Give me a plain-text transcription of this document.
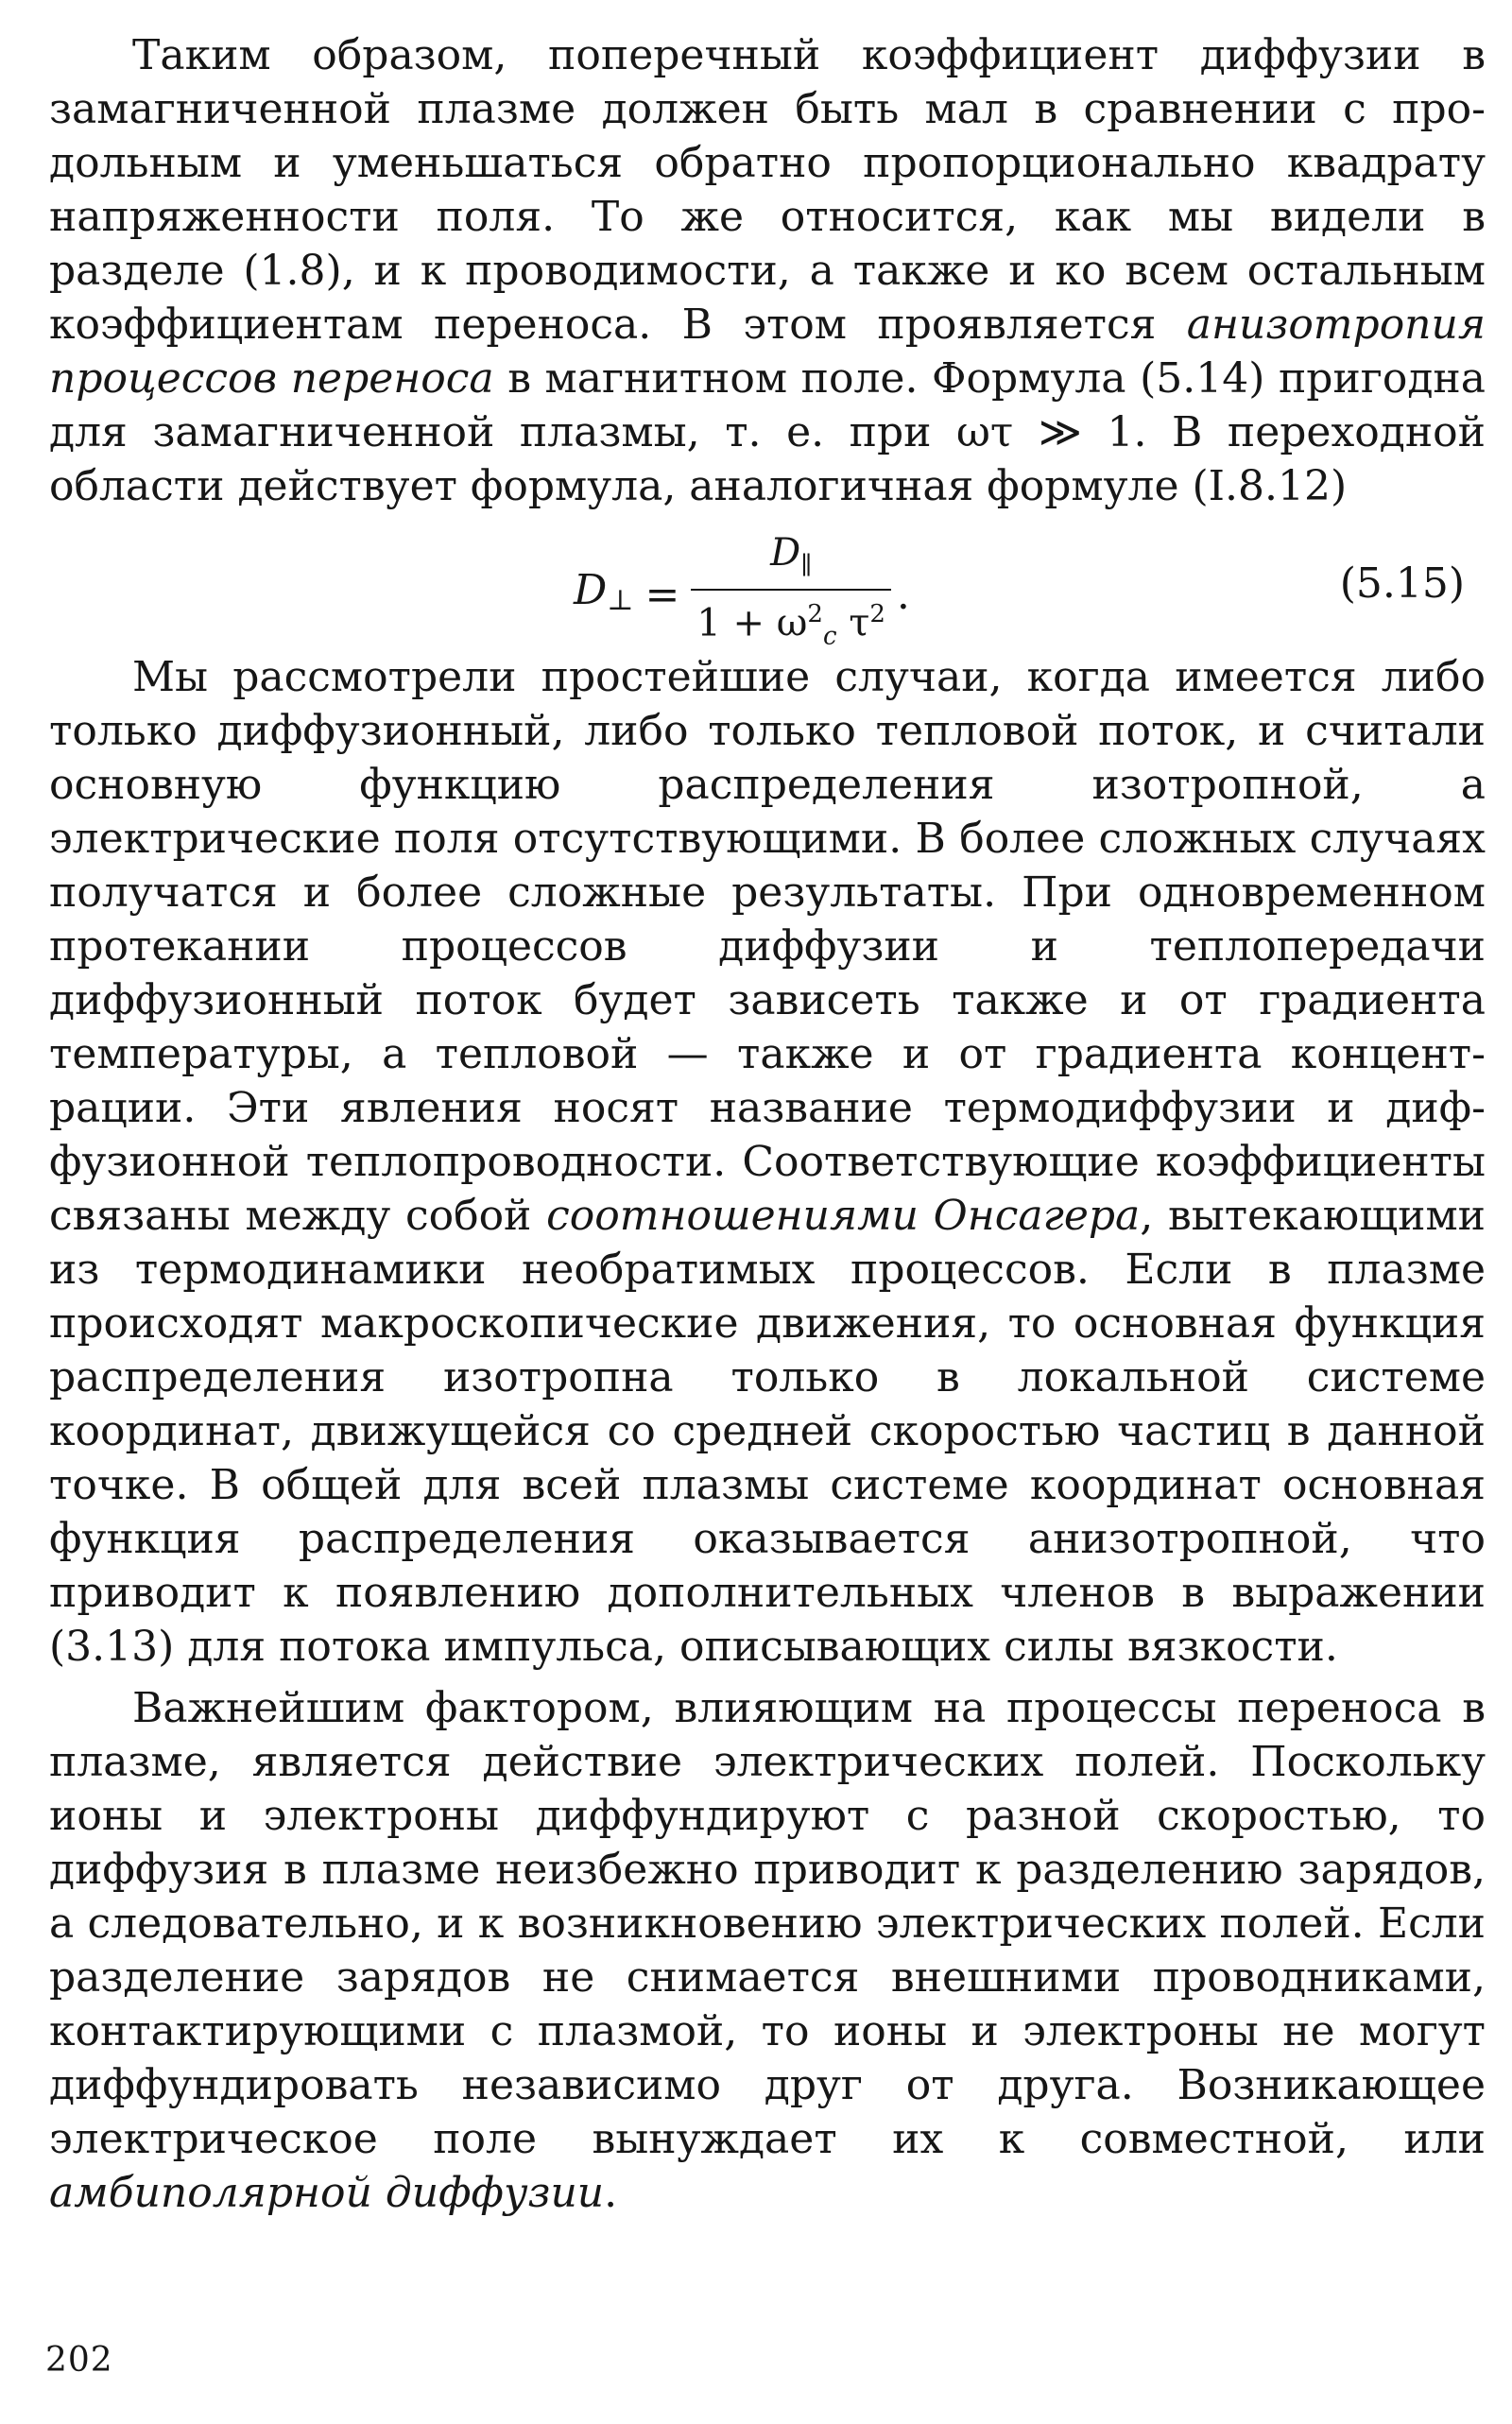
Таким образом, поперечный коэффициент диффузии в замагниченной плазме должен быть мал в сравнении с продольным и уменьшаться обратно пропорционально квадрату напряженности поля. То же относится, как мы видели в разделе (1.8), и к проводимости, а также и ко всем остальным коэффициентам переноса. В этом проявляется анизотропия процессов переноса в магнитном поле. Формула (5.14) пригодна для замагниченной плазмы, т. е. при ωτ ≫ 1. В переходной области действует формула, аналогичная формуле (I.8.12)

$D_\perp = \frac{D_\parallel}{1 + \omega^2_c \tau^2}$ .	(5.15)

Мы рассмотрели простейшие случаи, когда имеется либо только диффузионный, либо только тепловой поток, и считали основную функцию распределения изотропной, а электрические поля отсутствующими. В более сложных случаях получатся и более сложные результаты. При одновременном протекании процессов диффузии и теплопередачи диффузионный поток будет зависеть также и от градиента температуры, а тепловой — также и от градиента концентрации. Эти явления носят название термодиффузии и диффузионной теплопроводности. Соответствующие коэффициенты связаны между собой соотношениями Онсагера, вытекающими из термодинамики необратимых процессов. Если в плазме происходят макроскопические движения, то основная функция распределения изотропна только в локальной системе координат, движущейся со средней скоростью частиц в данной точке. В общей для всей плазмы системе координат основная функция распределения оказывается анизотропной, что приводит к появлению дополнительных членов в выражении (3.13) для потока импульса, описывающих силы вязкости.

Важнейшим фактором, влияющим на процессы переноса в плазме, является действие электрических полей. Поскольку ионы и электроны диффундируют с разной скоростью, то диффузия в плазме неизбежно приводит к разделению зарядов, а следовательно, и к возникновению электрических полей. Если разделение зарядов не снимается внешними проводниками, контактирующими с плазмой, то ионы и электроны не могут диффундировать независимо друг от друга. Возникающее электрическое поле вынуждает их к совместной, или амбиполярной диффузии.

202
